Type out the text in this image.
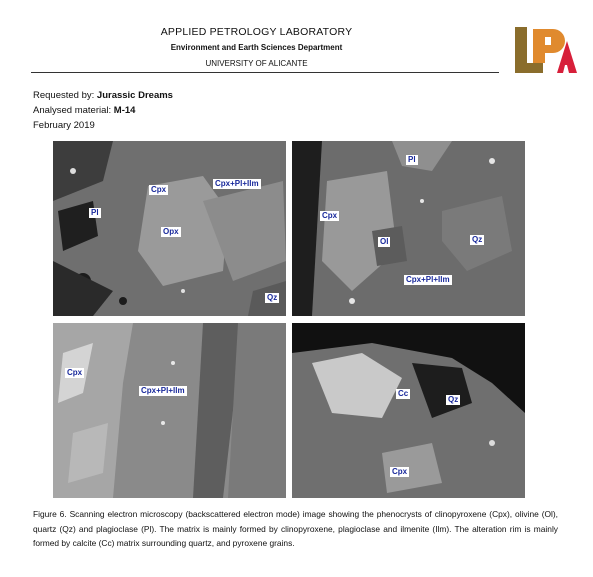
APPLIED PETROLOGY LABORATORY
Environment and Earth Sciences Department
UNIVERSITY OF ALICANTE
Requested by: Jurassic Dreams
Analysed material: M-14
February 2019
Cpx
Cpx+Pl+Ilm
Pl
Opx
Qz
Pl
Cpx
Ol	Qz
Cpx+Pl+Ilm
Cpx
Cpx+Pl+Ilm	Cc
Qz
Cpx
Figure 6. Scanning electron microscopy (backscattered electron mode) image showing the phenocrysts of clinopyroxene (Cpx), olivine (Ol), quartz (Qz) and plagioclase (Pl). The matrix is mainly formed by clinopyroxene, plagioclase and ilmenite (Ilm). The alteration rim is mainly formed by calcite (Cc) matrix surrounding quartz, and pyroxene grains.
